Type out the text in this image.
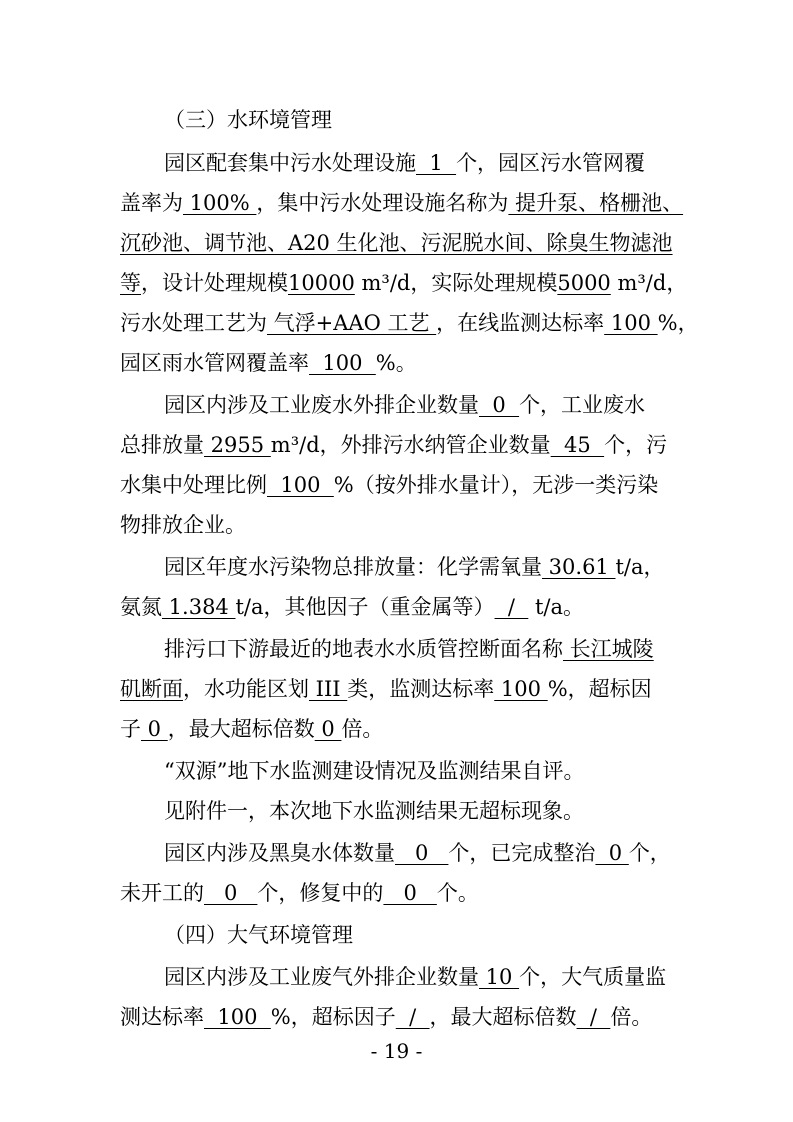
（三）水环境管理
园区配套集中污水处理设施  1  个，园区污水管网覆
盖率为 100% ，集中污水处理设施名称为 提升泵、格栅池、
沉砂池、调节池、A20 生化池、污泥脱水间、除臭生物滤池
等，设计处理规模10000 m³/d，实际处理规模5000 m³/d，
污水处理工艺为 气浮+AAO 工艺 ，在线监测达标率 100 %，
园区雨水管网覆盖率  100  %。
园区内涉及工业废水外排企业数量  0  个，工业废水
总排放量 2955 m³/d，外排污水纳管企业数量  45  个，污
水集中处理比例  100  %（按外排水量计），无涉一类污染
物排放企业。
园区年度水污染物总排放量：化学需氧量 30.61 t/a，
氨氮 1.384 t/a，其他因子（重金属等）  /   t/a。
排污口下游最近的地表水水质管控断面名称 长江城陵
矶断面，水功能区划 III 类，监测达标率 100 %，超标因
子 0 ，最大超标倍数 0 倍。
“双源”地下水监测建设情况及监测结果自评。
见附件一，本次地下水监测结果无超标现象。
园区内涉及黑臭水体数量   0   个，已完成整治  0 个，
未开工的   0   个，修复中的   0   个。
（四）大气环境管理
园区内涉及工业废气外排企业数量 10 个，大气质量监
测达标率  100  %，超标因子  /  ，最大超标倍数  /  倍。
- 19 -
